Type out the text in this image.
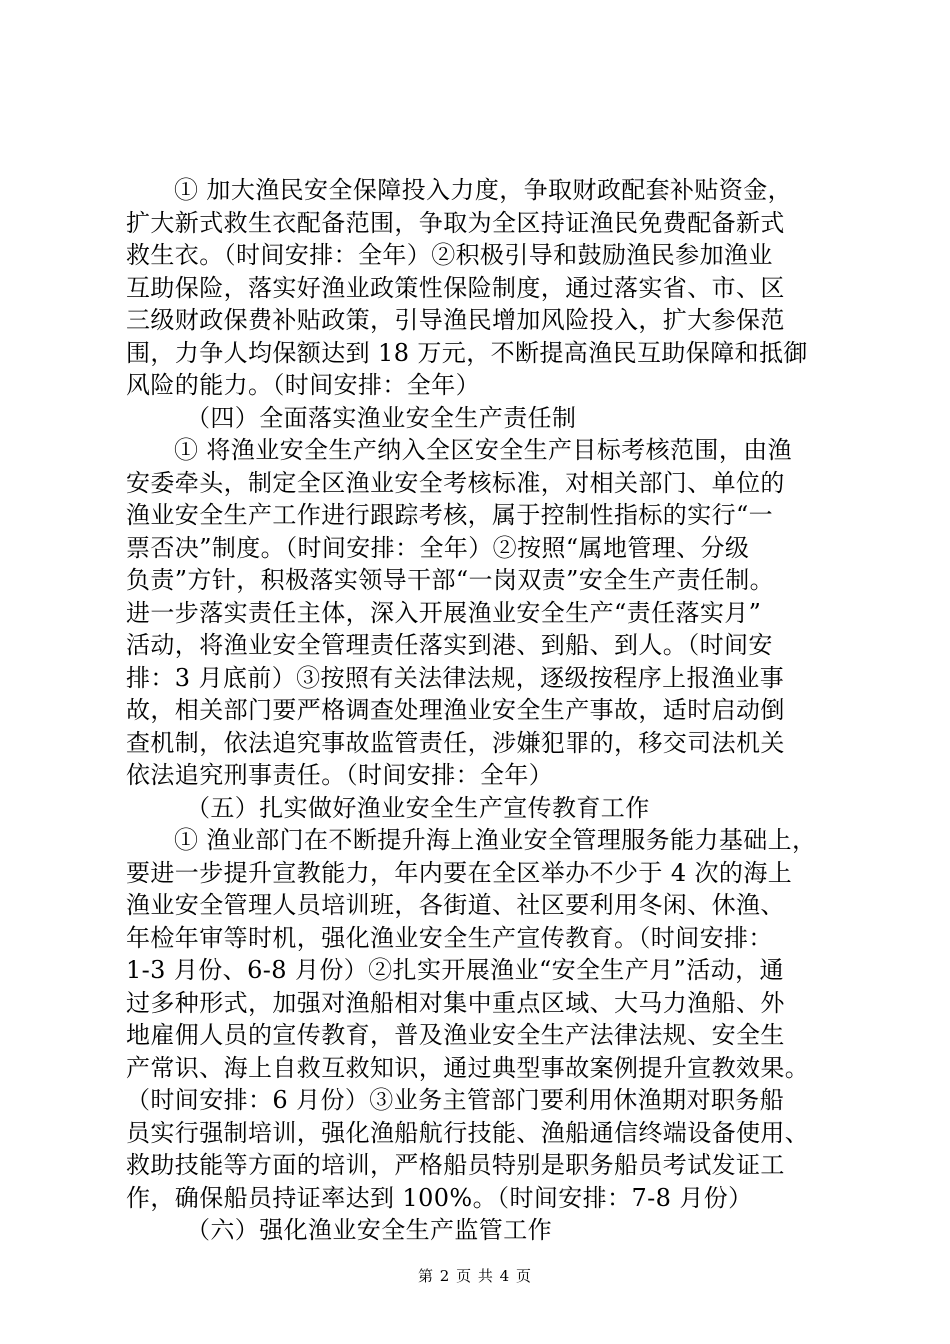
① 加大渔民安全保障投入力度，争取财政配套补贴资金，
扩大新式救生衣配备范围，争取为全区持证渔民免费配备新式
救生衣。（时间安排：全年）②积极引导和鼓励渔民参加渔业
互助保险，落实好渔业政策性保险制度，通过落实省、市、区
三级财政保费补贴政策，引导渔民增加风险投入，扩大参保范
围，力争人均保额达到 18 万元，不断提高渔民互助保障和抵御
风险的能力。（时间安排：全年）
（四）全面落实渔业安全生产责任制
① 将渔业安全生产纳入全区安全生产目标考核范围，由渔
安委牵头，制定全区渔业安全考核标准，对相关部门、单位的
渔业安全生产工作进行跟踪考核，属于控制性指标的实行“一
票否决”制度。（时间安排：全年）②按照“属地管理、分级
负责”方针，积极落实领导干部“一岗双责”安全生产责任制。
进一步落实责任主体，深入开展渔业安全生产“责任落实月”
活动，将渔业安全管理责任落实到港、到船、到人。（时间安
排：3 月底前）③按照有关法律法规，逐级按程序上报渔业事
故，相关部门要严格调查处理渔业安全生产事故，适时启动倒
查机制，依法追究事故监管责任，涉嫌犯罪的，移交司法机关
依法追究刑事责任。（时间安排：全年）
（五）扎实做好渔业安全生产宣传教育工作
① 渔业部门在不断提升海上渔业安全管理服务能力基础上，
要进一步提升宣教能力，年内要在全区举办不少于 4 次的海上
渔业安全管理人员培训班，各街道、社区要利用冬闲、休渔、
年检年审等时机，强化渔业安全生产宣传教育。（时间安排：
1-3 月份、6-8 月份）②扎实开展渔业“安全生产月”活动，通
过多种形式，加强对渔船相对集中重点区域、大马力渔船、外
地雇佣人员的宣传教育，普及渔业安全生产法律法规、安全生
产常识、海上自救互救知识，通过典型事故案例提升宣教效果。
（时间安排：6 月份）③业务主管部门要利用休渔期对职务船
员实行强制培训，强化渔船航行技能、渔船通信终端设备使用、
救助技能等方面的培训，严格船员特别是职务船员考试发证工
作，确保船员持证率达到 100%。（时间安排：7-8 月份）
（六）强化渔业安全生产监管工作
第 2 页 共 4 页
